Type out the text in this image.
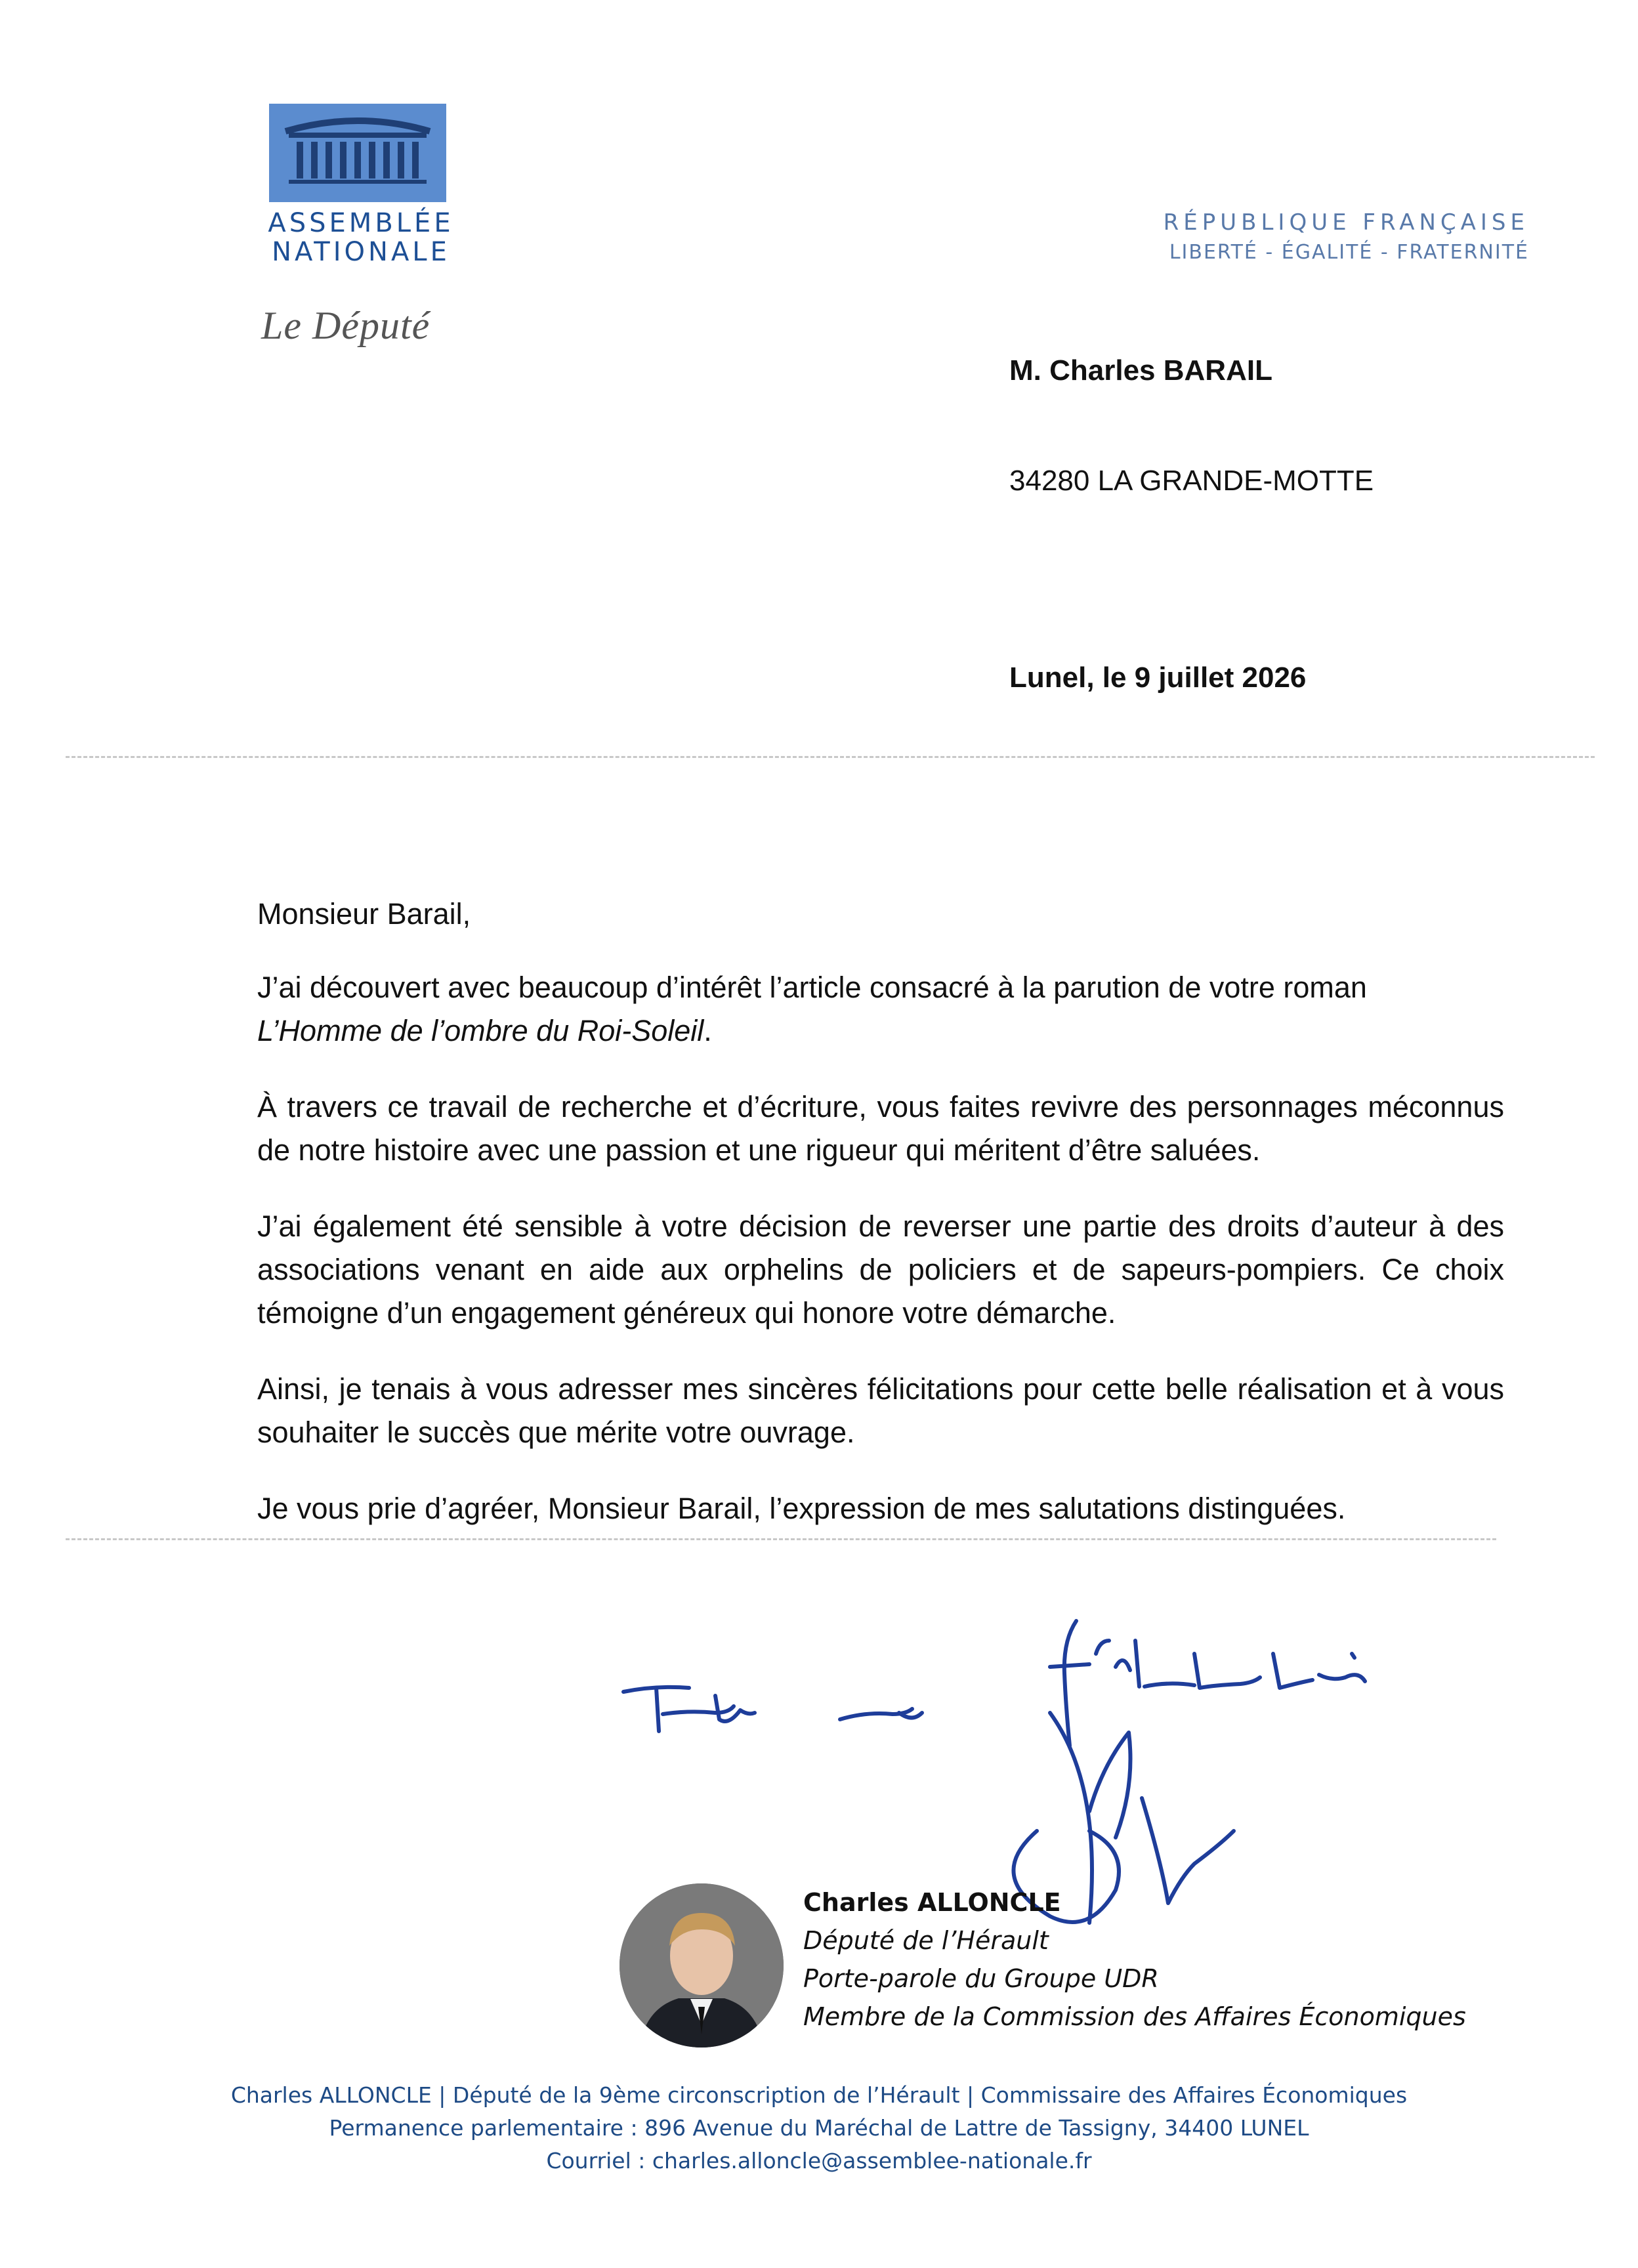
ASSEMBLÉE
NATIONALE
Le Député
RÉPUBLIQUE FRANÇAISE
LIBERTÉ - ÉGALITÉ - FRATERNITÉ
M. Charles BARAIL
34280 LA GRANDE-MOTTE
Lunel, le 9 juillet 2026

Monsieur Barail,

J’ai découvert avec beaucoup d’intérêt l’article consacré à la parution de votre roman
L’Homme de l’ombre du Roi-Soleil.

À travers ce travail de recherche et d’écriture, vous faites revivre des personnages méconnus de notre histoire avec une passion et une rigueur qui méritent d’être saluées.

J’ai également été sensible à votre décision de reverser une partie des droits d’auteur à des associations venant en aide aux orphelins de policiers et de sapeurs-pompiers. Ce choix témoigne d’un engagement généreux qui honore votre démarche.

Ainsi, je tenais à vous adresser mes sincères félicitations pour cette belle réalisation et à vous souhaiter le succès que mérite votre ouvrage.

Je vous prie d’agréer, Monsieur Barail, l’expression de mes salutations distinguées.

Charles ALLONCLE
Député de l’Hérault
Porte-parole du Groupe UDR
Membre de la Commission des Affaires Économiques
Charles ALLONCLE | Député de la 9ème circonscription de l’Hérault | Commissaire des Affaires Économiques
Permanence parlementaire : 896 Avenue du Maréchal de Lattre de Tassigny, 34400 LUNEL
Courriel : charles.alloncle@assemblee-nationale.fr
